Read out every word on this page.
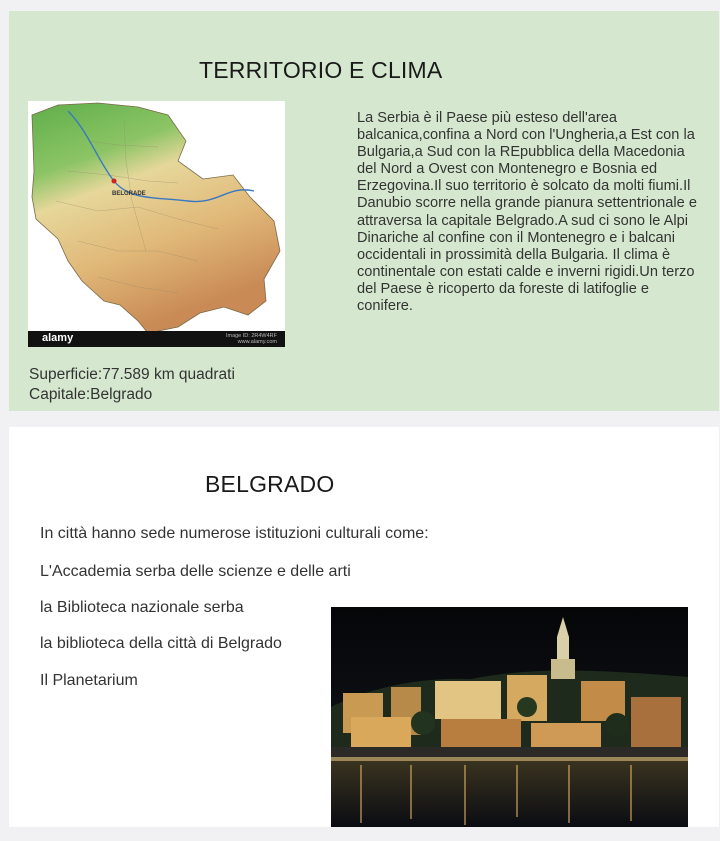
TERRITORIO E CLIMA
BELGRADE
alamy	Image ID: 2R4W4RF
www.alamy.com

La Serbia è il Paese più esteso dell'area balcanica,confina a Nord con l'Ungheria,a Est con la Bulgaria,a Sud con la REpubblica della Macedonia del Nord a Ovest con Montenegro e Bosnia ed Erzegovina.Il suo territorio è solcato da molti fiumi.Il Danubio scorre nella grande pianura settentrionale e attraversa la capitale Belgrado.A sud ci sono le Alpi Dinariche al confine con il Montenegro e i balcani occidentali in prossimità della Bulgaria. Il clima è continentale con estati calde e inverni rigidi.Un terzo del Paese è ricoperto da foreste di latifoglie e conifere.

Superficie:77.589 km quadrati
Capitale:Belgrado
BELGRADO
In città hanno sede numerose istituzioni culturali come:
L'Accademia serba delle scienze e delle arti
la Biblioteca nazionale serba
la biblioteca della città di Belgrado
Il Planetarium
